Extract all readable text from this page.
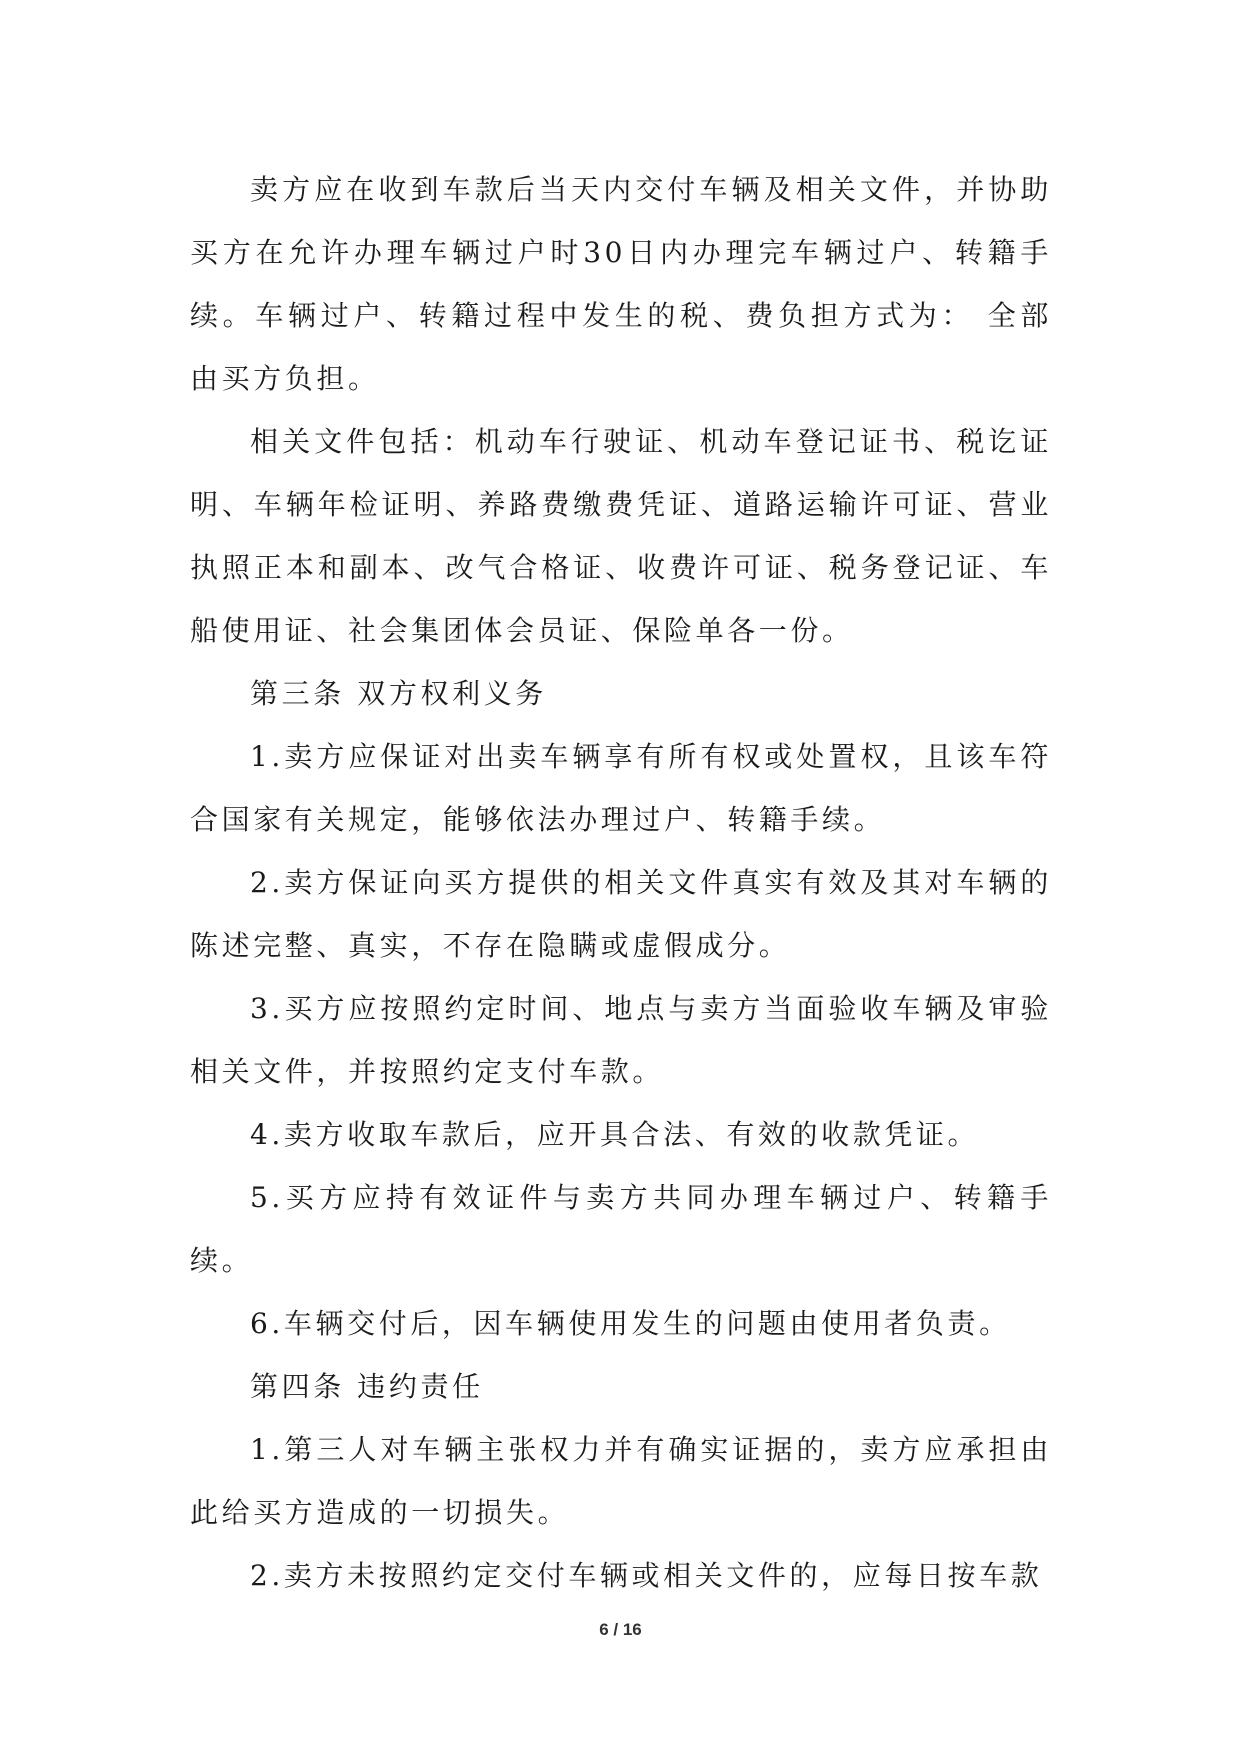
卖方应在收到车款后当天内交付车辆及相关文件，并协助买方在允许办理车辆过户时30日内办理完车辆过户、转籍手续。车辆过户、转籍过程中发生的税、费负担方式为： 全部由买方负担。

相关文件包括：机动车行驶证、机动车登记证书、税讫证明、车辆年检证明、养路费缴费凭证、道路运输许可证、营业执照正本和副本、改气合格证、收费许可证、税务登记证、车船使用证、社会集团体会员证、保险单各一份。

第三条 双方权利义务

1.卖方应保证对出卖车辆享有所有权或处置权，且该车符合国家有关规定，能够依法办理过户、转籍手续。

2.卖方保证向买方提供的相关文件真实有效及其对车辆的陈述完整、真实，不存在隐瞒或虚假成分。

3.买方应按照约定时间、地点与卖方当面验收车辆及审验相关文件，并按照约定支付车款。

4.卖方收取车款后，应开具合法、有效的收款凭证。

5.买方应持有效证件与卖方共同办理车辆过户、转籍手续。

6.车辆交付后，因车辆使用发生的问题由使用者负责。

第四条 违约责任

1.第三人对车辆主张权力并有确实证据的，卖方应承担由此给买方造成的一切损失。

2.卖方未按照约定交付车辆或相关文件的，应每日按车款

6 / 16
